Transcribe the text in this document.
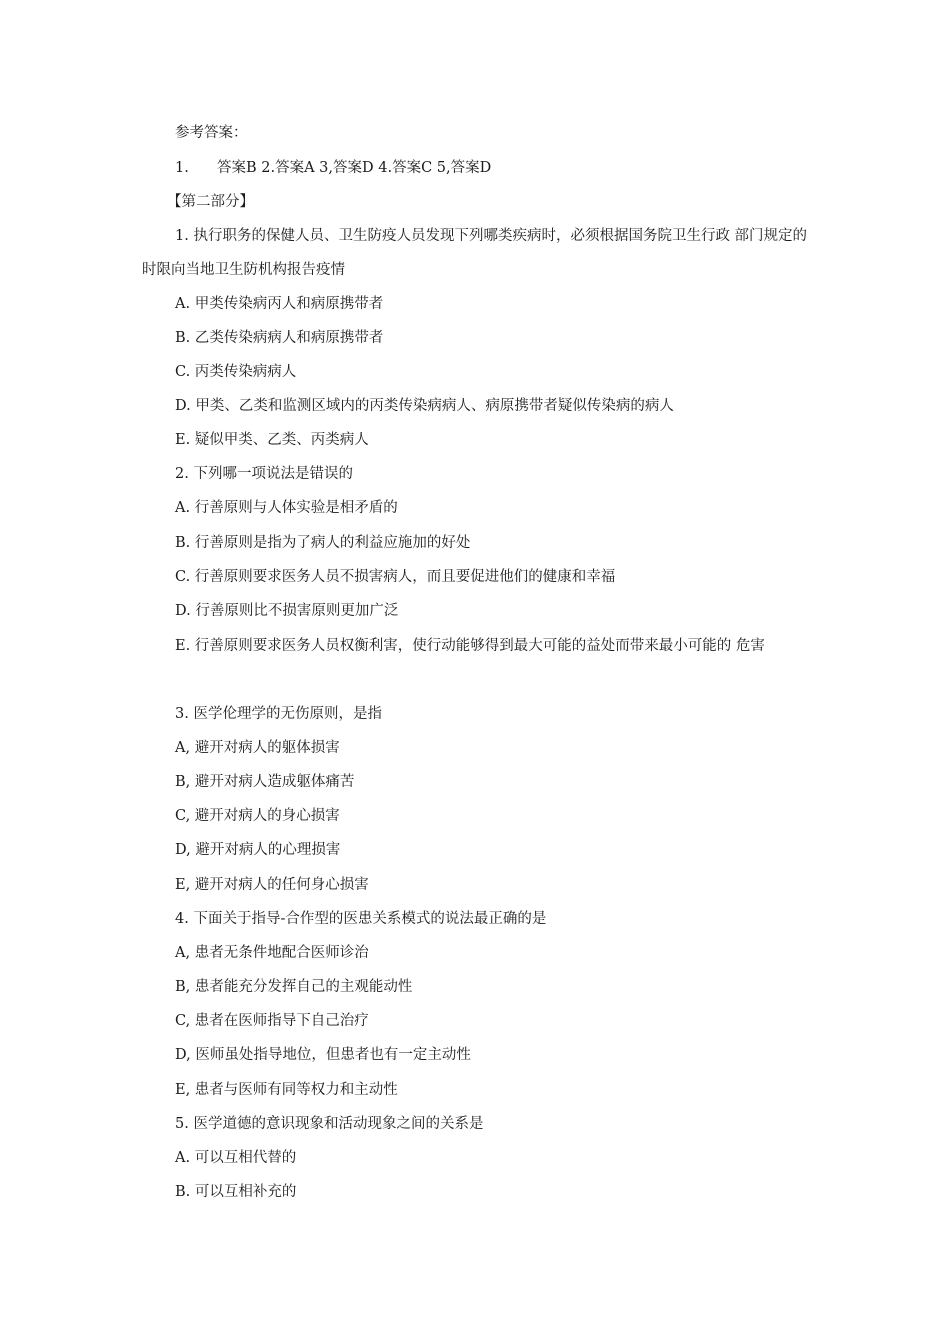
参考答案：
1. 答案B 2.答案A 3,答案D 4.答案C 5,答案D
【第二部分】
1. 执行职务的保健人员、卫生防疫人员发现下列哪类疾病时，必须根据国务院卫生行政 部门规定的时限向当地卫生防机构报告疫情
A. 甲类传染病丙人和病原携带者
B. 乙类传染病病人和病原携带者
C. 丙类传染病病人
D. 甲类、乙类和监测区域内的丙类传染病病人、病原携带者疑似传染病的病人
E. 疑似甲类、乙类、丙类病人
2. 下列哪一项说法是错误的
A. 行善原则与人体实验是相矛盾的
B. 行善原则是指为了病人的利益应施加的好处
C. 行善原则要求医务人员不损害病人，而且要促进他们的健康和幸福
D. 行善原则比不损害原则更加广泛
E. 行善原则要求医务人员权衡利害，使行动能够得到最大可能的益处而带来最小可能的 危害
3. 医学伦理学的无伤原则，是指
A, 避开对病人的躯体损害
B, 避开对病人造成躯体痛苦
C, 避开对病人的身心损害
D, 避开对病人的心理损害
E, 避开对病人的任何身心损害
4. 下面关于指导-合作型的医患关系模式的说法最正确的是
A, 患者无条件地配合医师诊治
B, 患者能充分发挥自己的主观能动性
C, 患者在医师指导下自己治疗
D, 医师虽处指导地位，但患者也有一定主动性
E, 患者与医师有同等权力和主动性
5. 医学道德的意识现象和活动现象之间的关系是
A. 可以互相代替的
B. 可以互相补充的
